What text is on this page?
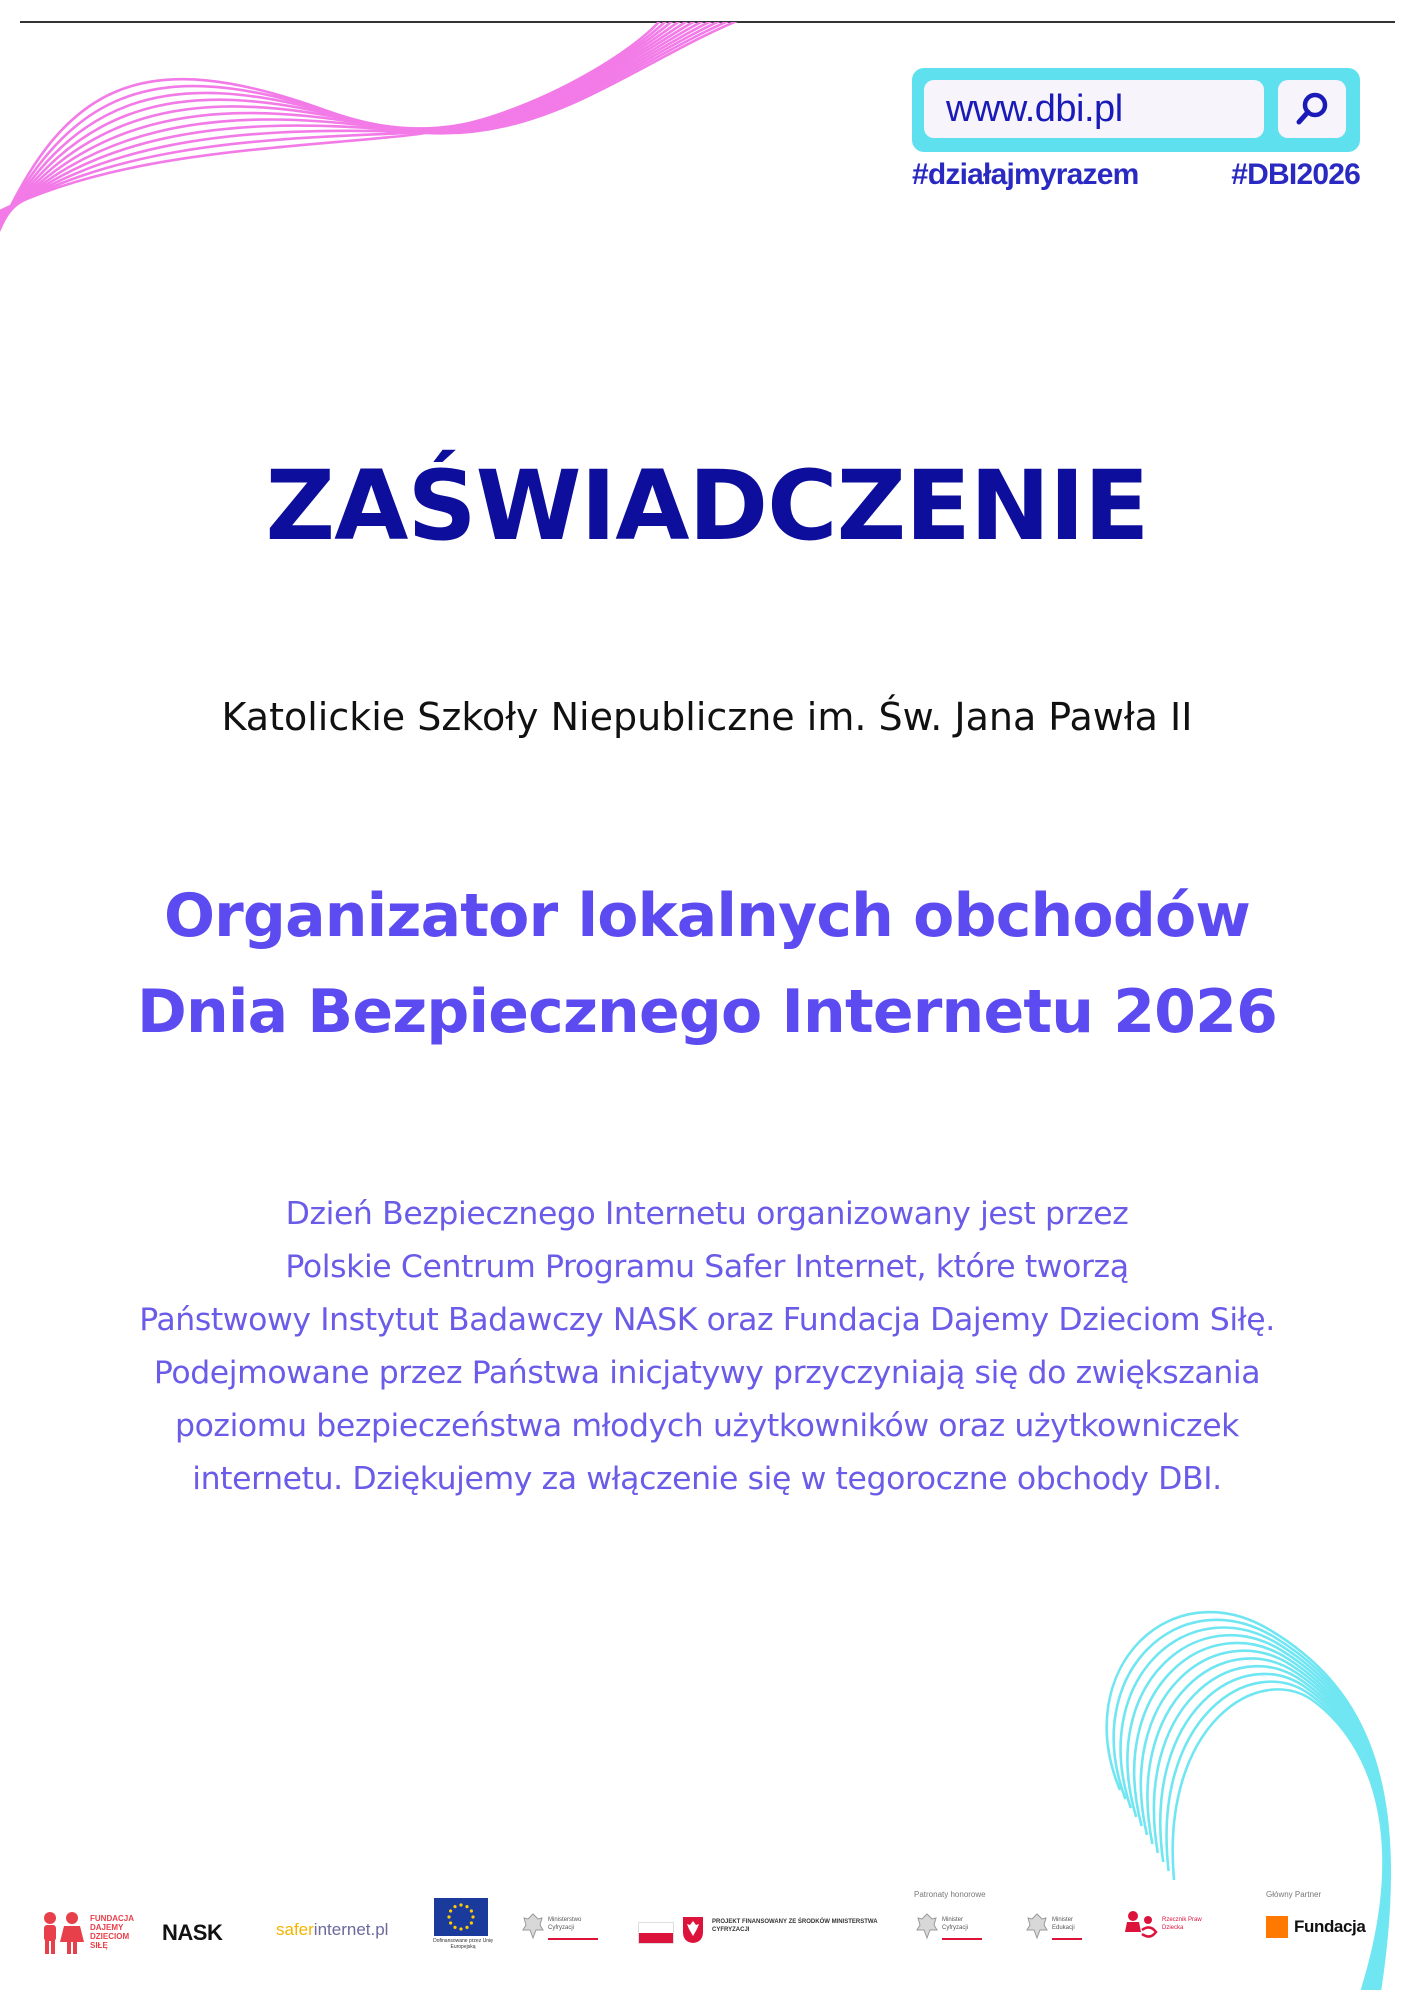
www.dbi.pl
#działajmyrazem	#DBI2026
ZAŚWIADCZENIE
Katolickie Szkoły Niepubliczne im. Św. Jana Pawła II
Organizator lokalnych obchodów
Dnia Bezpiecznego Internetu 2026
Dzień Bezpiecznego Internetu organizowany jest przez
Polskie Centrum Programu Safer Internet, które tworzą
Państwowy Instytut Badawczy NASK oraz Fundacja Dajemy Dzieciom Siłę.
Podejmowane przez Państwa inicjatywy przyczyniają się do zwiększania
poziomu bezpieczeństwa młodych użytkowników oraz użytkowniczek
internetu. Dziękujemy za włączenie się w tegoroczne obchody DBI.
FUNDACJA DAJEMY DZIECIOM SIŁĘ
NASK	saferinternet.pl
Dofinansowane przez Unię Europejską
Ministerstwo Cyfryzacji
PROJEKT FINANSOWANY ZE ŚRODKÓW MINISTERSTWA CYFRYZACJI
Patronaty honorowe
Minister Cyfryzacji
Minister Edukacji
Rzecznik Praw Dziecka
Główny Partner
Fundacja
